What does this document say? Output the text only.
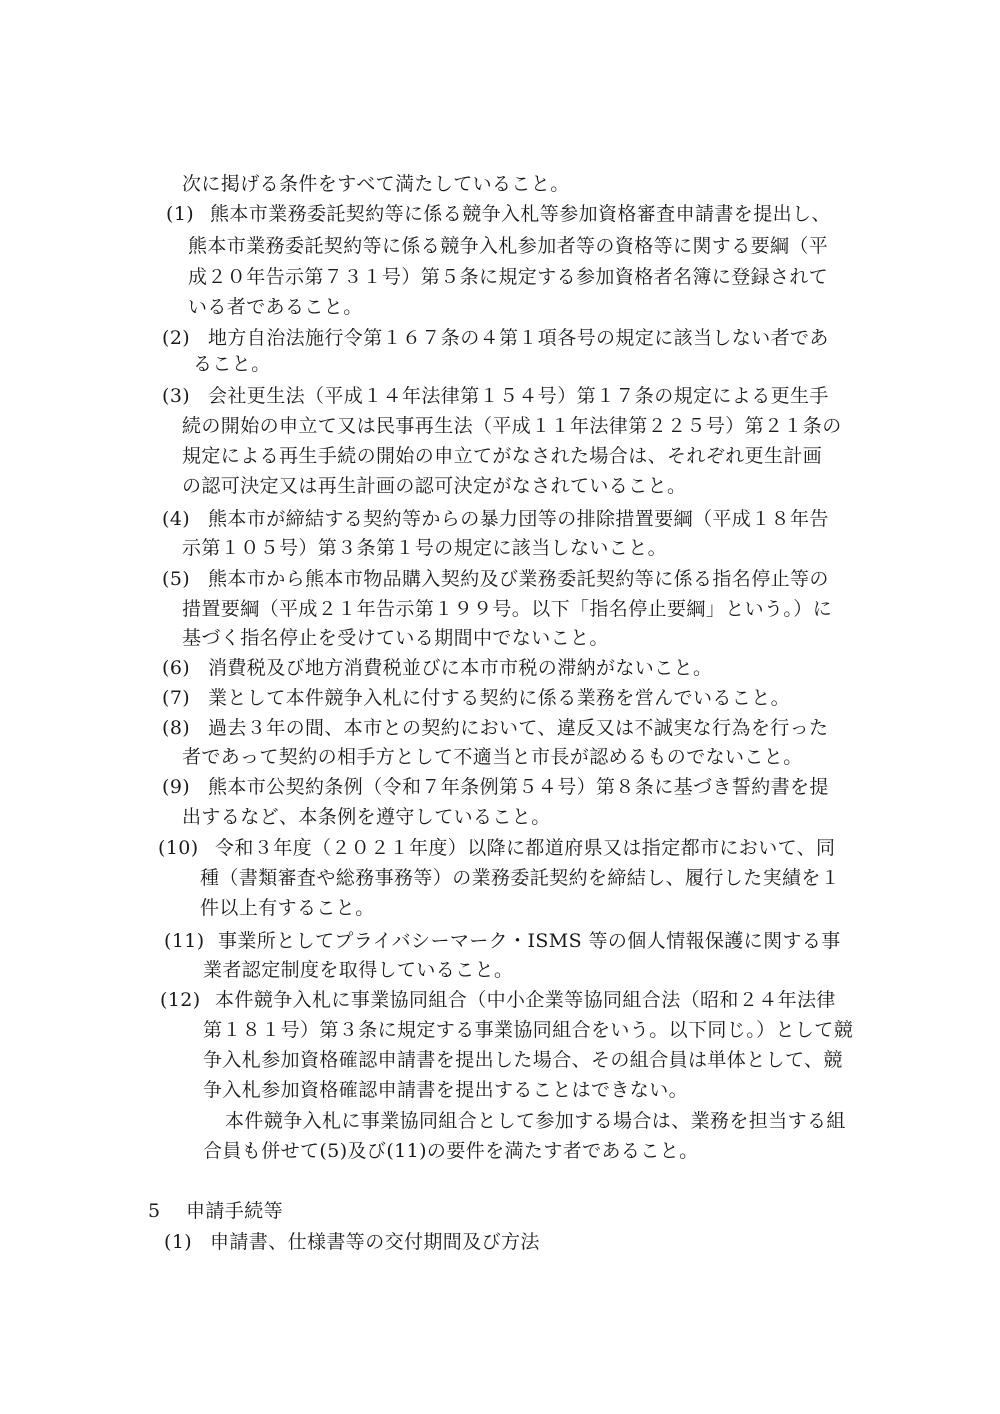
次に掲げる条件をすべて満たしていること。
(1) 熊本市業務委託契約等に係る競争入札等参加資格審査申請書を提出し、
熊本市業務委託契約等に係る競争入札参加者等の資格等に関する要綱（平
成２０年告示第７３１号）第５条に規定する参加資格者名簿に登録されて
いる者であること。
(2) 地方自治法施行令第１６７条の４第１項各号の規定に該当しない者であ
ること。
(3) 会社更生法（平成１４年法律第１５４号）第１７条の規定による更生手
続の開始の申立て又は民事再生法（平成１１年法律第２２５号）第２１条の
規定による再生手続の開始の申立てがなされた場合は、それぞれ更生計画
の認可決定又は再生計画の認可決定がなされていること。
(4) 熊本市が締結する契約等からの暴力団等の排除措置要綱（平成１８年告
示第１０５号）第３条第１号の規定に該当しないこと。
(5) 熊本市から熊本市物品購入契約及び業務委託契約等に係る指名停止等の
措置要綱（平成２１年告示第１９９号。以下「指名停止要綱」という。）に
基づく指名停止を受けている期間中でないこと。
(6) 消費税及び地方消費税並びに本市市税の滞納がないこと。
(7) 業として本件競争入札に付する契約に係る業務を営んでいること。
(8) 過去３年の間、本市との契約において、違反又は不誠実な行為を行った
者であって契約の相手方として不適当と市長が認めるものでないこと。
(9) 熊本市公契約条例（令和７年条例第５４号）第８条に基づき誓約書を提
出するなど、本条例を遵守していること。
(10) 令和３年度（２０２１年度）以降に都道府県又は指定都市において、同
種（書類審査や総務事務等）の業務委託契約を締結し、履行した実績を１
件以上有すること。
(11) 事業所としてプライバシーマーク・ISMS 等の個人情報保護に関する事
業者認定制度を取得していること。
(12) 本件競争入札に事業協同組合（中小企業等協同組合法（昭和２４年法律
第１８１号）第３条に規定する事業協同組合をいう。以下同じ。）として競
争入札参加資格確認申請書を提出した場合、その組合員は単体として、競
争入札参加資格確認申請書を提出することはできない。
本件競争入札に事業協同組合として参加する場合は、業務を担当する組
合員も併せて(5)及び(11)の要件を満たす者であること。
5 申請手続等
(1) 申請書、仕様書等の交付期間及び方法
